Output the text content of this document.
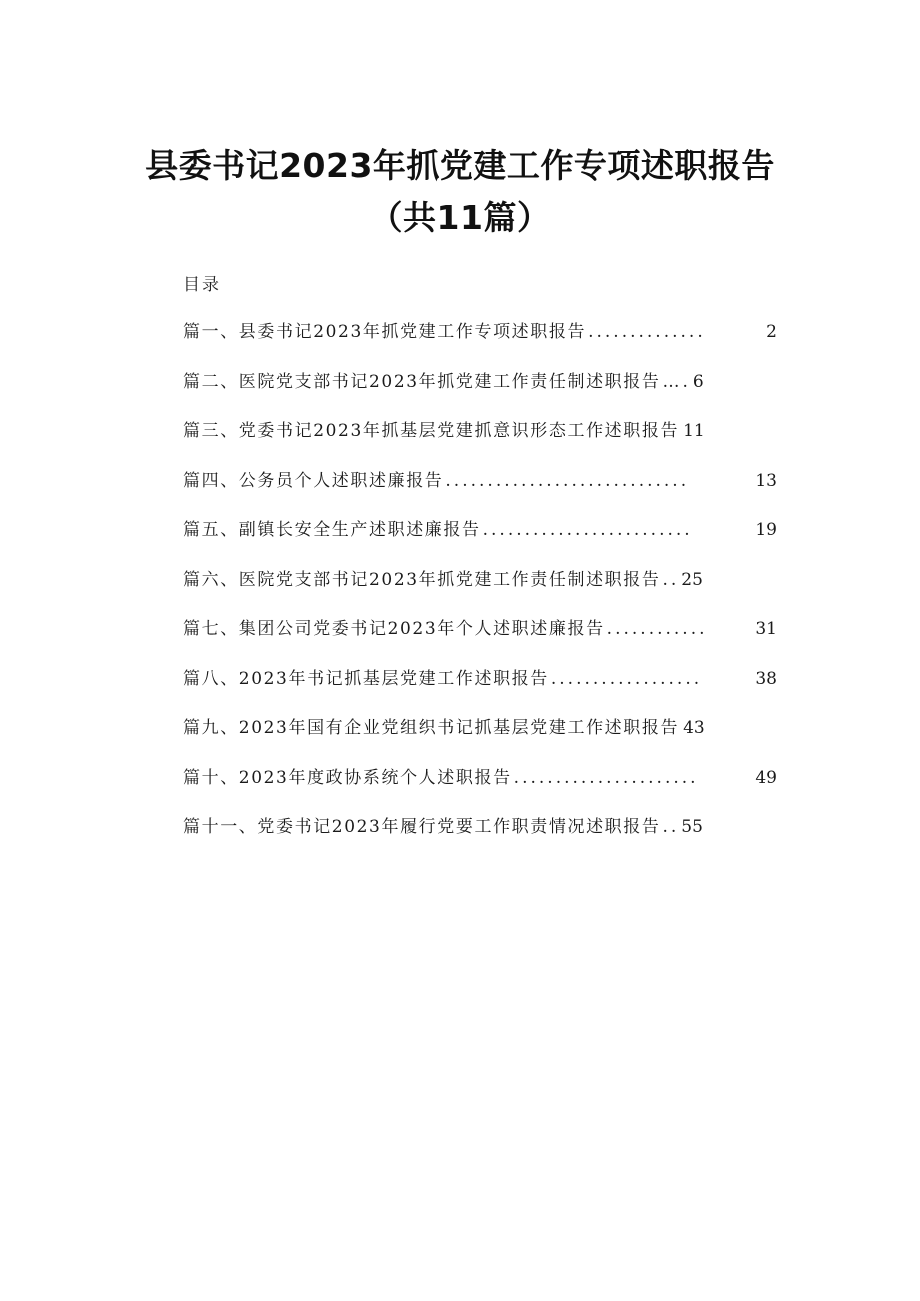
县委书记2023年抓党建工作专项述职报告
（共11篇）
目录
篇一、县委书记2023年抓党建工作专项述职报告 ..............	2
篇二、医院党支部书记2023年抓党建工作责任制述职报告 …. 6
篇三、党委书记2023年抓基层党建抓意识形态工作述职报告 11
篇四、公务员个人述职述廉报告 .............................	13
篇五、副镇长安全生产述职述廉报告 .........................	19
篇六、医院党支部书记2023年抓党建工作责任制述职报告 .. 25
篇七、集团公司党委书记2023年个人述职述廉报告 ............	31
篇八、2023年书记抓基层党建工作述职报告 ..................	38
篇九、2023年国有企业党组织书记抓基层党建工作述职报告 43
篇十、2023年度政协系统个人述职报告 ......................	49
篇十一、党委书记2023年履行党要工作职责情况述职报告 .. 55
